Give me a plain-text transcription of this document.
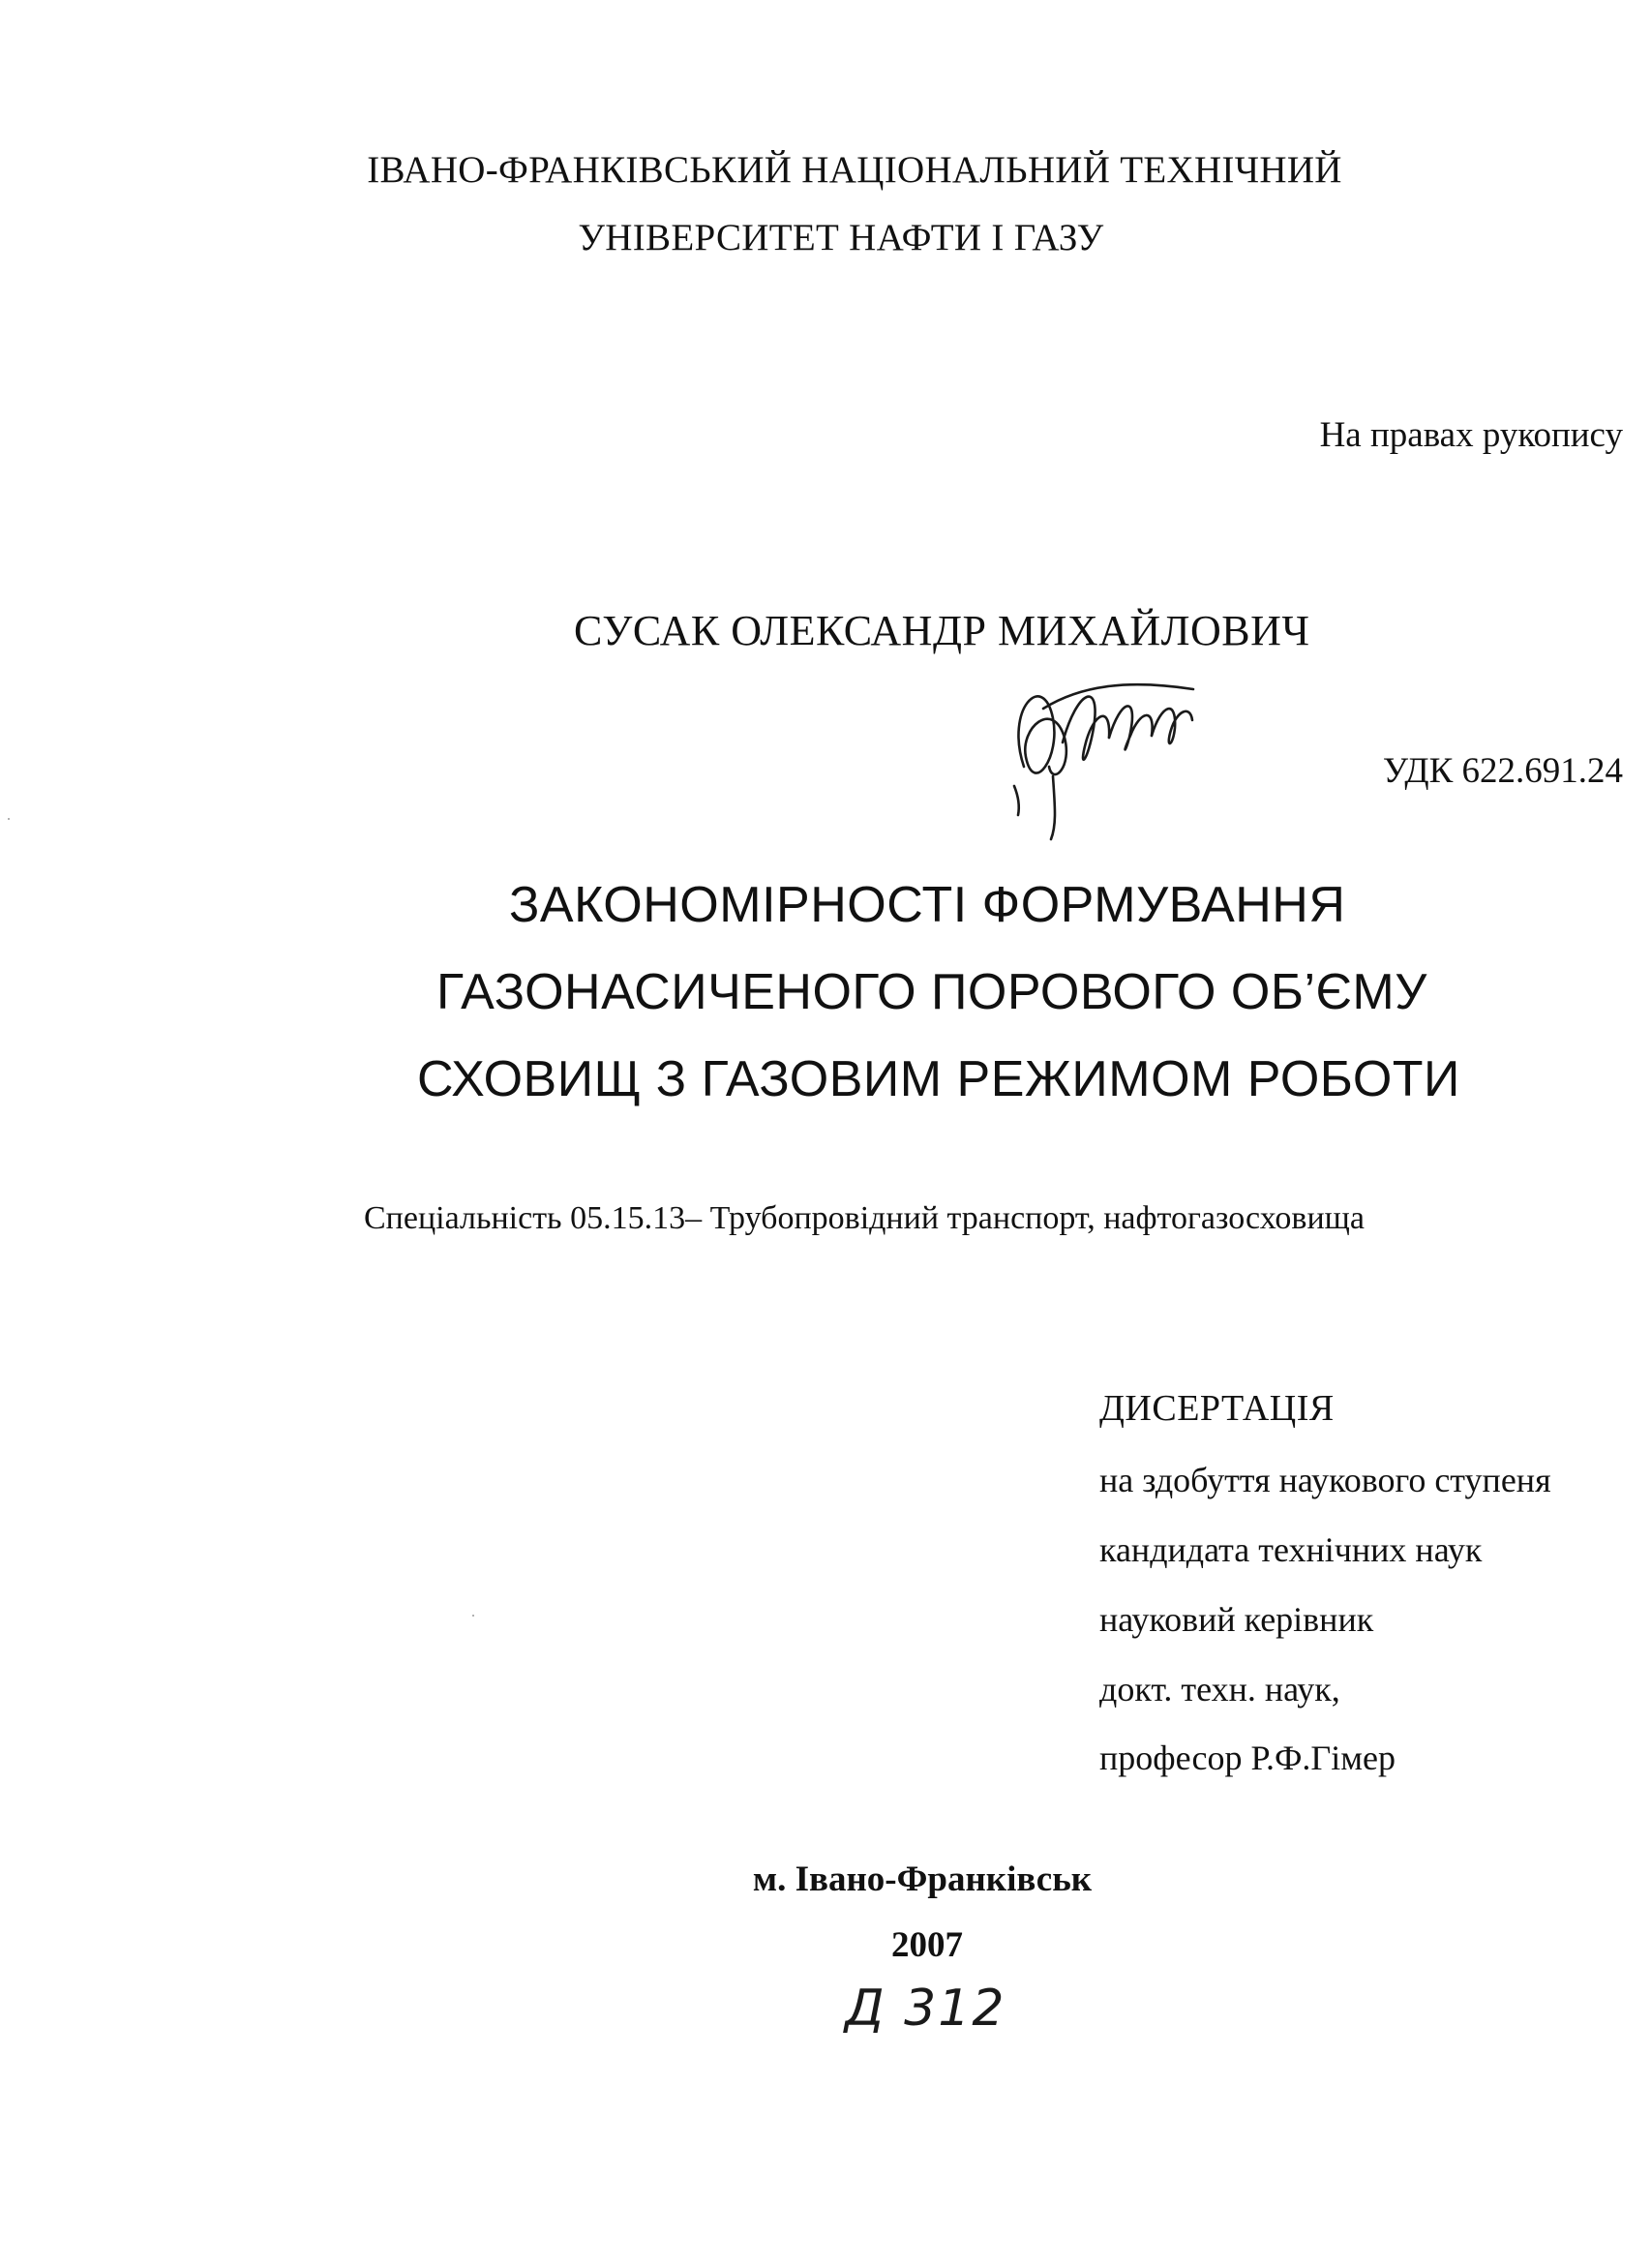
ІВАНО-ФРАНКІВСЬКИЙ НАЦІОНАЛЬНИЙ ТЕХНІЧНИЙ
УНІВЕРСИТЕТ НАФТИ І ГАЗУ
На правах рукопису
СУСАК ОЛЕКСАНДР МИХАЙЛОВИЧ
УДК 622.691.24
ЗАКОНОМІРНОСТІ ФОРМУВАННЯ
ГАЗОНАСИЧЕНОГО ПОРОВОГО ОБ’ЄМУ
СХОВИЩ З ГАЗОВИМ РЕЖИМОМ РОБОТИ
Спеціальність 05.15.13– Трубопровідний транспорт, нафтогазосховища
ДИСЕРТАЦІЯ
на здобуття наукового ступеня
кандидата технічних наук
науковий керівник
докт. техн. наук,
професор Р.Ф.Гімер
м. Івано-Франківськ
2007
Д 312
